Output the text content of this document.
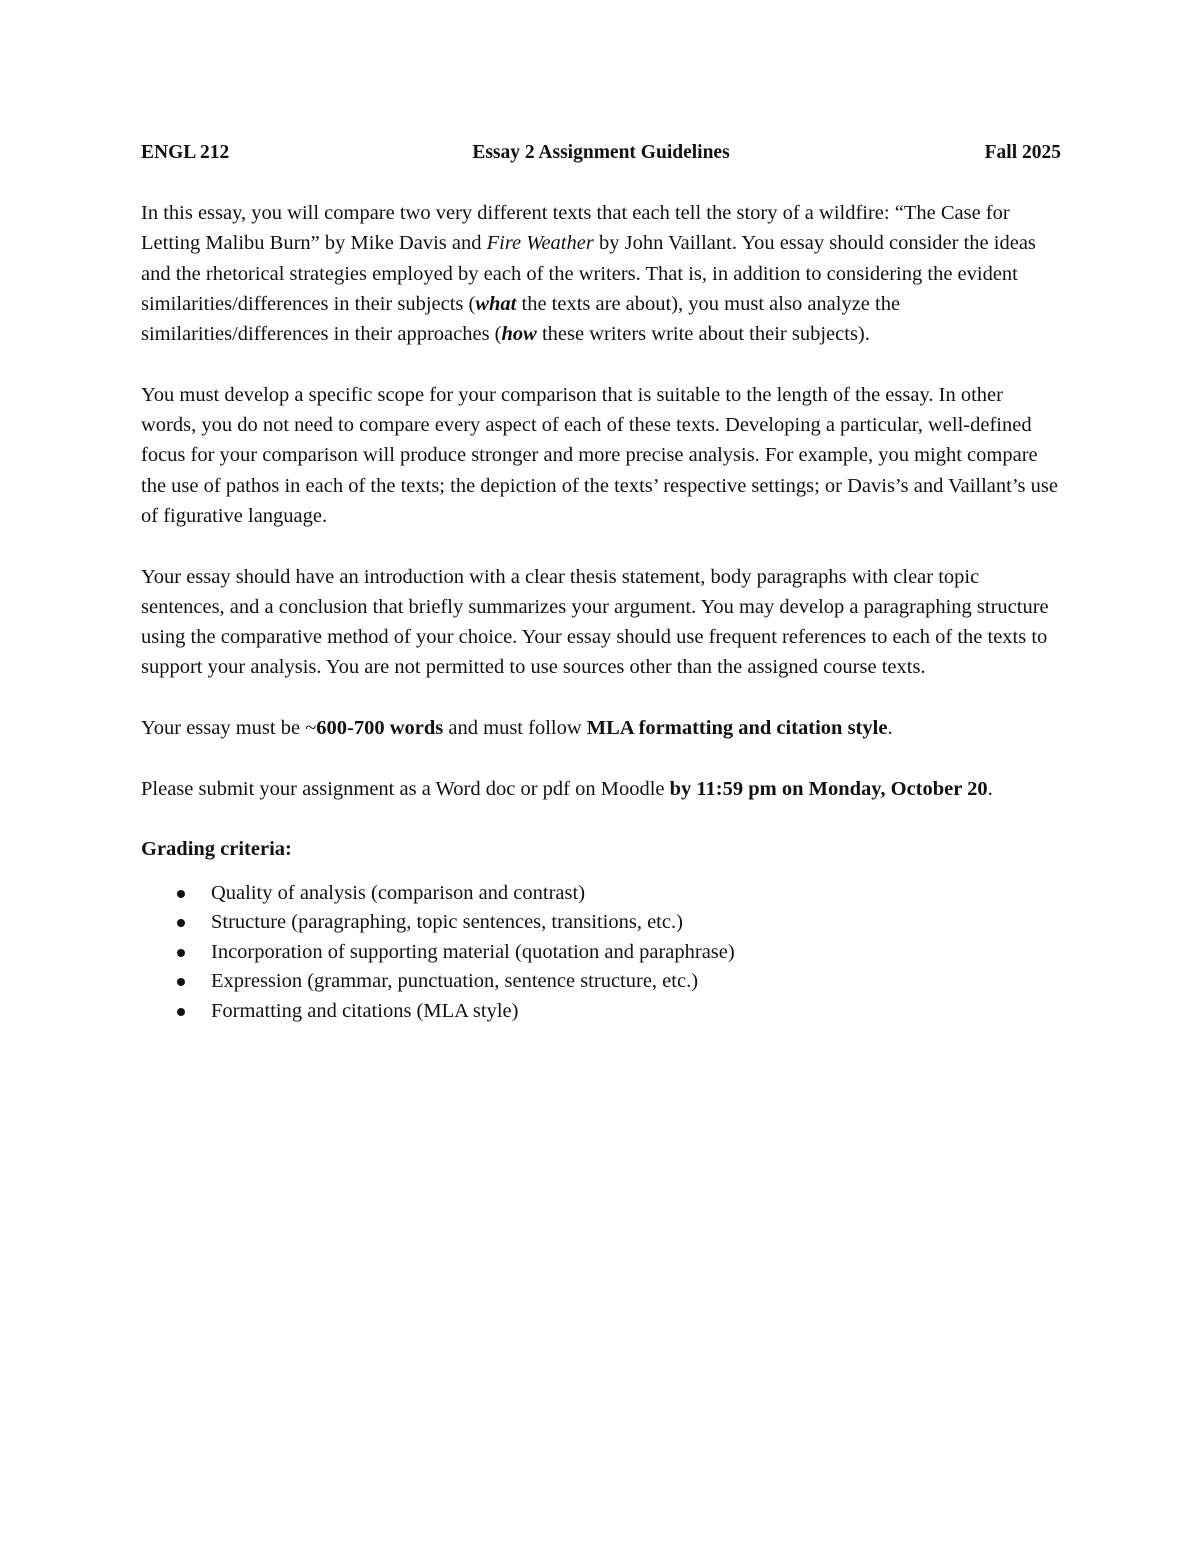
ENGL 212	Essay 2 Assignment Guidelines	Fall 2025

In this essay, you will compare two very different texts that each tell the story of a wildfire: “The Case for Letting Malibu Burn” by Mike Davis and Fire Weather by John Vaillant. You essay should consider the ideas and the rhetorical strategies employed by each of the writers. That is, in addition to considering the evident similarities/differences in their subjects (what the texts are about), you must also analyze the similarities/differences in their approaches (how these writers write about their subjects).

You must develop a specific scope for your comparison that is suitable to the length of the essay. In other words, you do not need to compare every aspect of each of these texts. Developing a particular, well-defined focus for your comparison will produce stronger and more precise analysis. For example, you might compare the use of pathos in each of the texts; the depiction of the texts’ respective settings; or Davis’s and Vaillant’s use of figurative language.

Your essay should have an introduction with a clear thesis statement, body paragraphs with clear topic sentences, and a conclusion that briefly summarizes your argument. You may develop a paragraphing structure using the comparative method of your choice. Your essay should use frequent references to each of the texts to support your analysis. You are not permitted to use sources other than the assigned course texts.

Your essay must be ~600-700 words and must follow MLA formatting and citation style.

Please submit your assignment as a Word doc or pdf on Moodle by 11:59 pm on Monday, October 20.

Grading criteria:
Quality of analysis (comparison and contrast)
Structure (paragraphing, topic sentences, transitions, etc.)
Incorporation of supporting material (quotation and paraphrase)
Expression (grammar, punctuation, sentence structure, etc.)
Formatting and citations (MLA style)
